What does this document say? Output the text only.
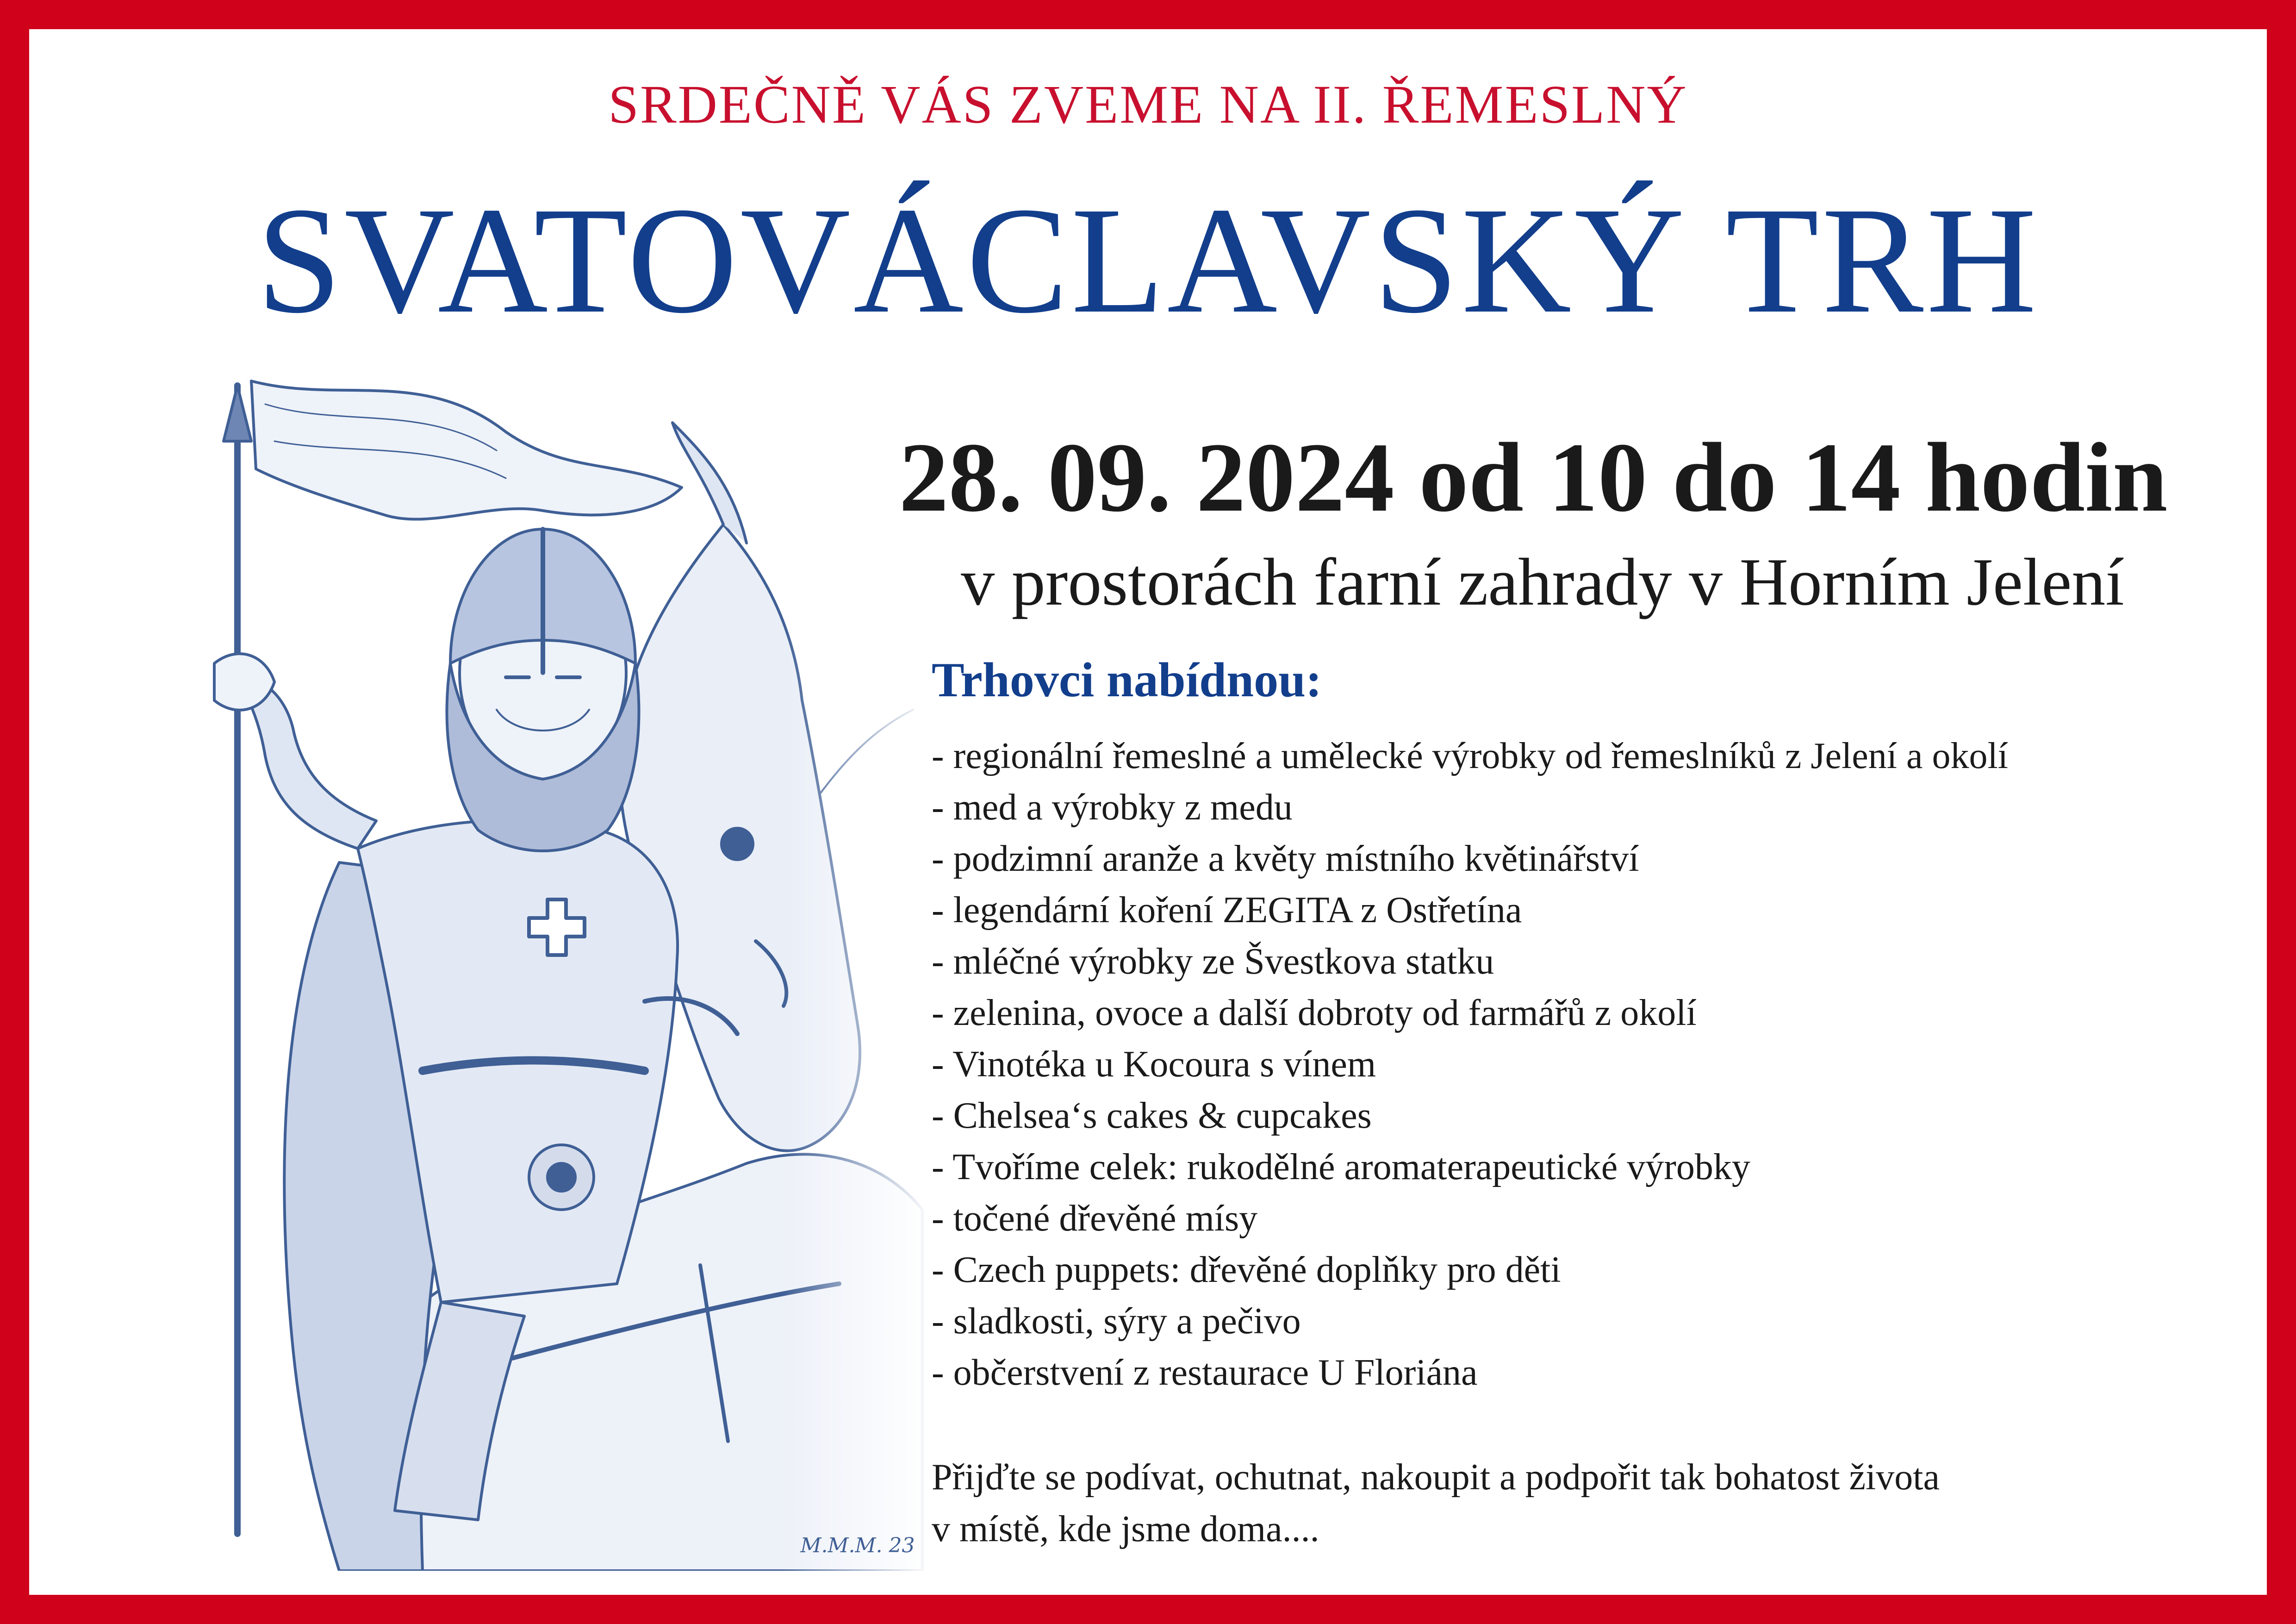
SRDEČNĚ VÁS ZVEME NA II. ŘEMESLNÝ
SVATOVÁCLAVSKÝ TRH
M.M.M. 23
28. 09. 2024 od 10 do 14 hodin
v prostorách farní zahrady v Horním Jelení
Trhovci nabídnou:
- regionální řemeslné a umělecké výrobky od řemeslníků z Jelení a okolí
- med a výrobky z medu
- podzimní aranže a květy místního květinářství
- legendární koření ZEGITA z Ostřetína
- mléčné výrobky ze Švestkova statku
- zelenina, ovoce a další dobroty od farmářů z okolí
- Vinotéka u Kocoura s vínem
- Chelsea‘s cakes & cupcakes
- Tvoříme celek: rukodělné aromaterapeutické výrobky
- točené dřevěné mísy
- Czech puppets: dřevěné doplňky pro děti
- sladkosti, sýry a pečivo
- občerstvení z restaurace U Floriána
Přijďte se podívat, ochutnat, nakoupit a podpořit tak bohatost života
v místě, kde jsme doma....
